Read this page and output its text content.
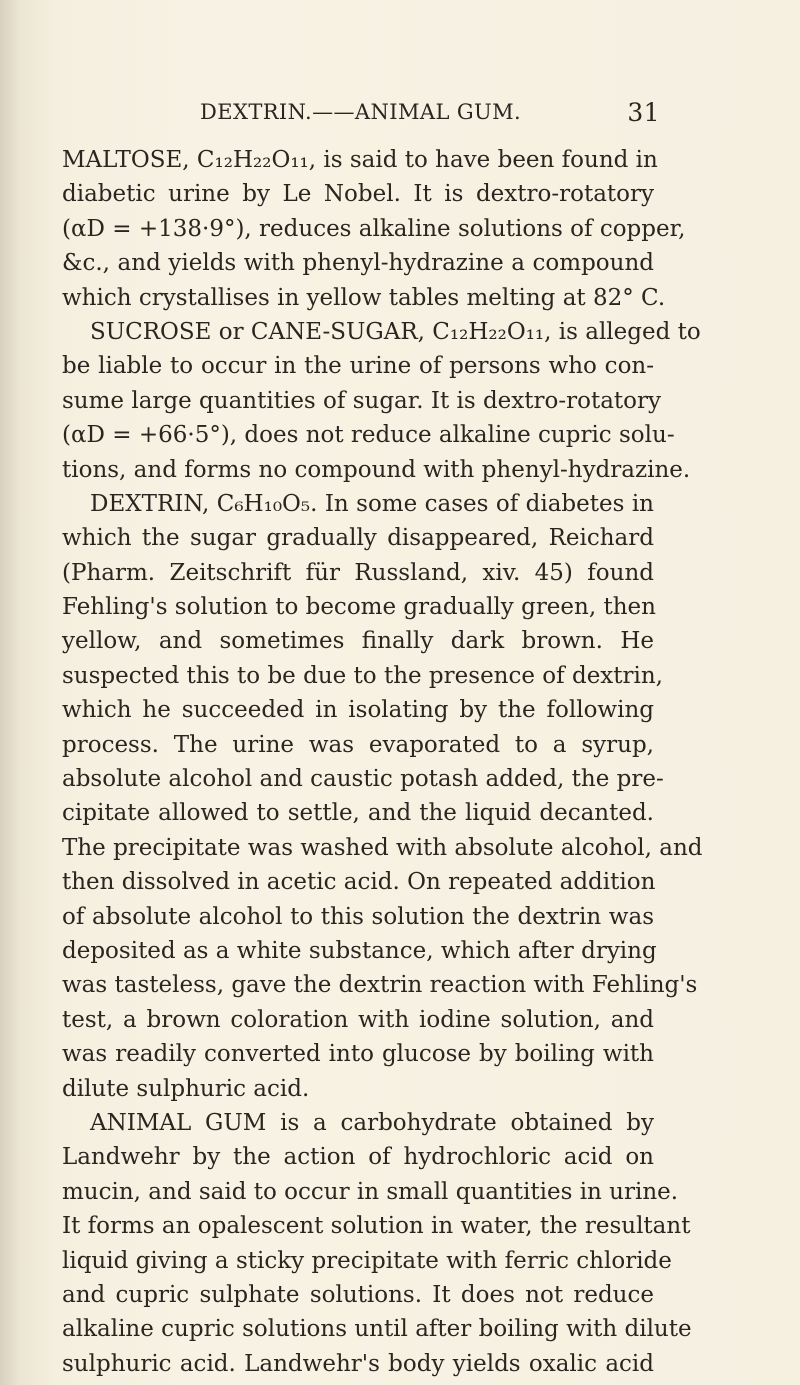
DEXTRIN.——ANIMAL GUM.	31
MALTOSE, C₁₂H₂₂O₁₁, is said to have been found in
diabetic urine by Le Nobel. It is dextro-rotatory
(αD = +138·9°), reduces alkaline solutions of copper,
&c., and yields with phenyl-hydrazine a compound
which crystallises in yellow tables melting at 82° C.
SUCROSE or CANE-SUGAR, C₁₂H₂₂O₁₁, is alleged to
be liable to occur in the urine of persons who con-
sume large quantities of sugar. It is dextro-rotatory
(αD = +66·5°), does not reduce alkaline cupric solu-
tions, and forms no compound with phenyl-hydrazine.
DEXTRIN, C₆H₁₀O₅. In some cases of diabetes in
which the sugar gradually disappeared, Reichard
(Pharm. Zeitschrift für Russland, xiv. 45) found
Fehling's solution to become gradually green, then
yellow, and sometimes finally dark brown. He
suspected this to be due to the presence of dextrin,
which he succeeded in isolating by the following
process. The urine was evaporated to a syrup,
absolute alcohol and caustic potash added, the pre-
cipitate allowed to settle, and the liquid decanted.
The precipitate was washed with absolute alcohol, and
then dissolved in acetic acid. On repeated addition
of absolute alcohol to this solution the dextrin was
deposited as a white substance, which after drying
was tasteless, gave the dextrin reaction with Fehling's
test, a brown coloration with iodine solution, and
was readily converted into glucose by boiling with
dilute sulphuric acid.
ANIMAL GUM is a carbohydrate obtained by
Landwehr by the action of hydrochloric acid on
mucin, and said to occur in small quantities in urine.
It forms an opalescent solution in water, the resultant
liquid giving a sticky precipitate with ferric chloride
and cupric sulphate solutions. It does not reduce
alkaline cupric solutions until after boiling with dilute
sulphuric acid. Landwehr's body yields oxalic acid
